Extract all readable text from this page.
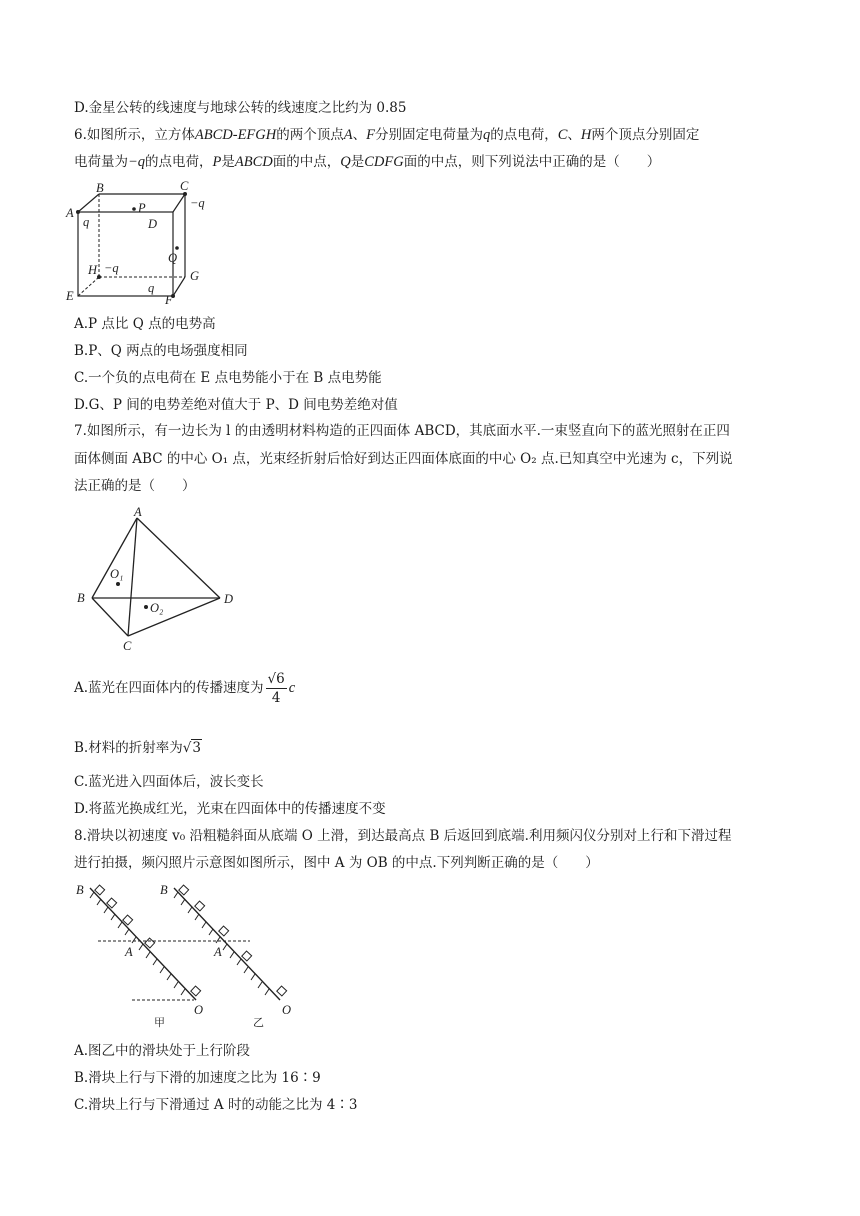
D.金星公转的线速度与地球公转的线速度之比约为 0.85
6.如图所示，立方体ABCD-EFGH的两个顶点A、F分别固定电荷量为q的点电荷，C、H两个顶点分别固定
电荷量为−q的点电荷，P是ABCD面的中点，Q是CDFG面的中点，则下列说法中正确的是（　　）
B	C
A
D
P
Q
H	G
E	F
q
−q
−q
q
A.P 点比 Q 点的电势高
B.P、Q 两点的电场强度相同
C.一个负的点电荷在 E 点电势能小于在 B 点电势能
D.G、P 间的电势差绝对值大于 P、D 间电势差绝对值
7.如图所示，有一边长为 l 的由透明材料构造的正四面体 ABCD，其底面水平.一束竖直向下的蓝光照射在正四
面体侧面 ABC 的中心 O₁ 点，光束经折射后恰好到达正四面体底面的中心 O₂ 点.已知真空中光速为 c，下列说
法正确的是（　　）
A
B
C
D
O₁
O₂
A.蓝光在四面体内的传播速度为 $\frac{√6}{4}$ c
B.材料的折射率为√3
C.蓝光进入四面体后，波长变长
D.将蓝光换成红光，光束在四面体中的传播速度不变
8.滑块以初速度 v₀ 沿粗糙斜面从底端 O 上滑，到达最高点 B 后返回到底端.利用频闪仪分别对上行和下滑过程
进行拍摄，频闪照片示意图如图所示，图中 A 为 OB 的中点.下列判断正确的是（　　）
B
A
O
B
A
O
甲	乙
A.图乙中的滑块处于上行阶段
B.滑块上行与下滑的加速度之比为 16∶9
C.滑块上行与下滑通过 A 时的动能之比为 4∶3
